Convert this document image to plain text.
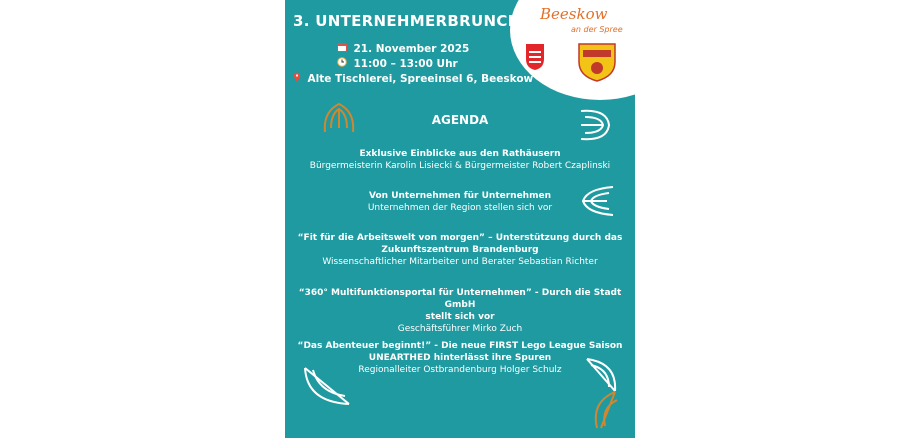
3. UNTERNEHMERBRUNCH
21. November 2025
11:00 – 13:00 Uhr
Alte Tischlerei, Spreeinsel 6, Beeskow
Beeskow
an der Spree
AGENDA
Exklusive Einblicke aus den Rathäusern
Bürgermeisterin Karolin Lisiecki & Bürgermeister Robert Czaplinski
Von Unternehmen für Unternehmen
Unternehmen der Region stellen sich vor
“Fit für die Arbeitswelt von morgen” – Unterstützung durch das
Zukunftszentrum Brandenburg
Wissenschaftlicher Mitarbeiter und Berater Sebastian Richter
“360° Multifunktionsportal für Unternehmen” - Durch die Stadt GmbH
stellt sich vor
Geschäftsführer Mirko Zuch
“Das Abenteuer beginnt!” - Die neue FIRST Lego League Saison
UNEARTHED hinterlässt ihre Spuren
Regionalleiter Ostbrandenburg Holger Schulz
